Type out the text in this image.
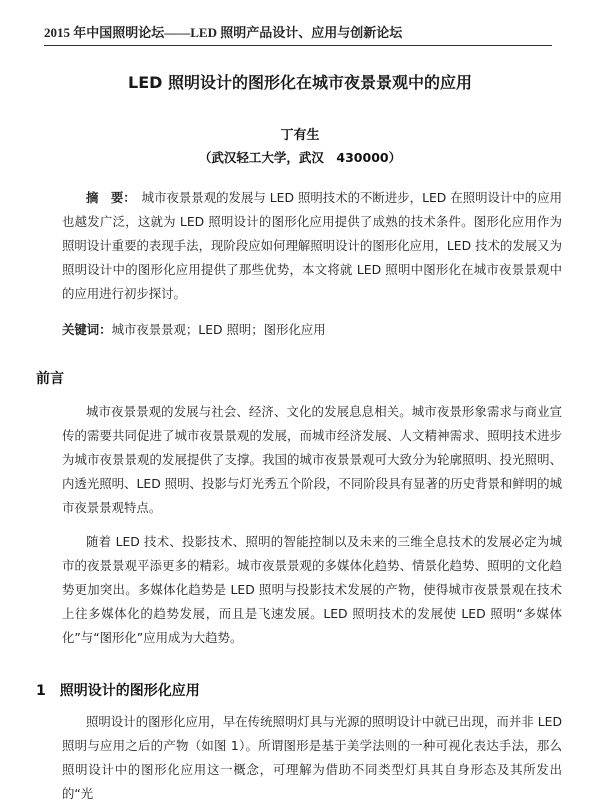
2015 年中国照明论坛——LED 照明产品设计、应用与创新论坛
LED 照明设计的图形化在城市夜景景观中的应用
丁有生
（武汉轻工大学，武汉　430000）
摘　要： 城市夜景景观的发展与 LED 照明技术的不断进步，LED 在照明设计中的应用也越发广泛，这就为 LED 照明设计的图形化应用提供了成熟的技术条件。图形化应用作为照明设计重要的表现手法，现阶段应如何理解照明设计的图形化应用，LED 技术的发展又为照明设计中的图形化应用提供了那些优势，本文将就 LED 照明中图形化在城市夜景景观中的应用进行初步探讨。
关键词：城市夜景景观；LED 照明；图形化应用
前言
城市夜景景观的发展与社会、经济、文化的发展息息相关。城市夜景形象需求与商业宣传的需要共同促进了城市夜景景观的发展，而城市经济发展、人文精神需求、照明技术进步为城市夜景景观的发展提供了支撑。我国的城市夜景景观可大致分为轮廓照明、投光照明、内透光照明、LED 照明、投影与灯光秀五个阶段，不同阶段具有显著的历史背景和鲜明的城市夜景景观特点。
随着 LED 技术、投影技术、照明的智能控制以及未来的三维全息技术的发展必定为城市的夜景景观平添更多的精彩。城市夜景景观的多媒体化趋势、情景化趋势、照明的文化趋势更加突出。多媒体化趋势是 LED 照明与投影技术发展的产物，使得城市夜景景观在技术上往多媒体化的趋势发展，而且是飞速发展。LED 照明技术的发展使 LED 照明“多媒体化”与“图形化”应用成为大趋势。
1 照明设计的图形化应用
照明设计的图形化应用，早在传统照明灯具与光源的照明设计中就已出现，而并非 LED 照明与应用之后的产物（如图 1）。所谓图形是基于美学法则的一种可视化表达手法，那么照明设计中的图形化应用这一概念，可理解为借助不同类型灯具其自身形态及其所发出的“光
